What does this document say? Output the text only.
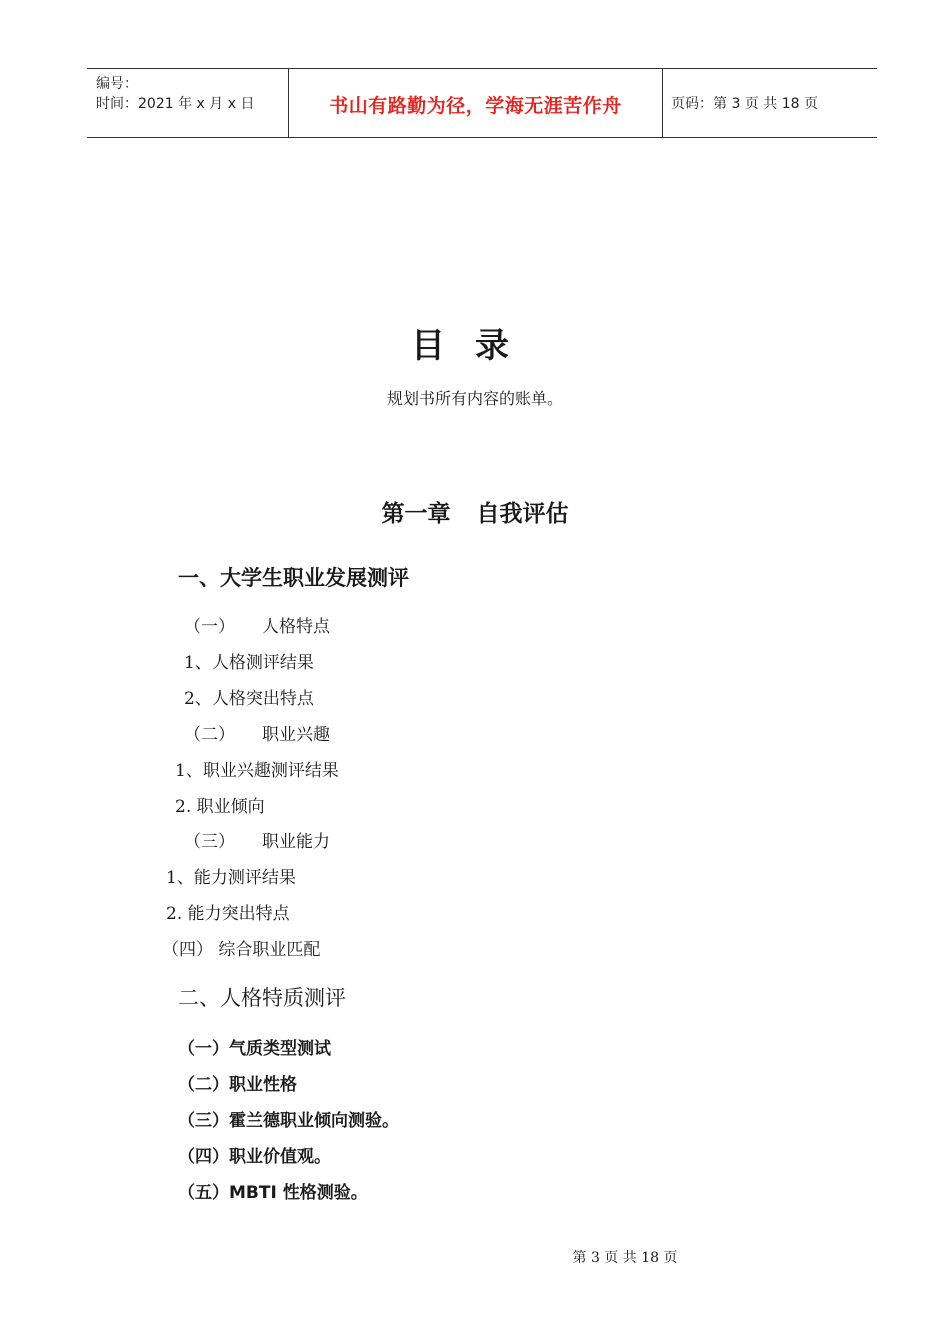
编号：
时间：2021 年 x 月 x 日	书山有路勤为径，学海无涯苦作舟	页码：第 3 页 共 18 页
目录
规划书所有内容的账单。
第一章 自我评估
一、大学生职业发展测评
（一）     人格特点
1、人格测评结果
2、人格突出特点
（二）     职业兴趣
1、职业兴趣测评结果
2. 职业倾向
（三）     职业能力
1、能力测评结果
2. 能力突出特点
（四） 综合职业匹配
二、人格特质测评
（一）气质类型测试
（二）职业性格
（三）霍兰德职业倾向测验。
（四）职业价值观。
（五）MBTI 性格测验。
第 3 页 共 18 页
